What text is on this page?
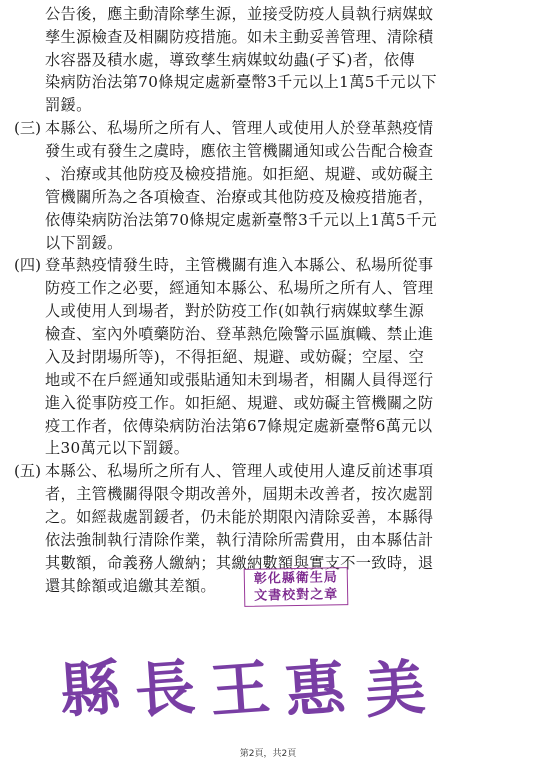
公告後，應主動清除孳生源，並接受防疫人員執行病媒蚊
孳生源檢查及相關防疫措施。如未主動妥善管理、清除積
水容器及積水處，導致孳生病媒蚊幼蟲(孑孓)者，依傳
染病防治法第70條規定處新臺幣3千元以上1萬5千元以下
罰鍰。
(三) 本縣公、私場所之所有人、管理人或使用人於登革熱疫情
發生或有發生之虞時，應依主管機關通知或公告配合檢查
、治療或其他防疫及檢疫措施。如拒絕、規避、或妨礙主
管機關所為之各項檢查、治療或其他防疫及檢疫措施者，
依傳染病防治法第70條規定處新臺幣3千元以上1萬5千元
以下罰鍰。
(四) 登革熱疫情發生時，主管機關有進入本縣公、私場所從事
防疫工作之必要，經通知本縣公、私場所之所有人、管理
人或使用人到場者，對於防疫工作(如執行病媒蚊孳生源
檢查、室內外噴藥防治、登革熱危險警示區旗幟、禁止進
入及封閉場所等)，不得拒絕、規避、或妨礙；空屋、空
地或不在戶經通知或張貼通知未到場者，相關人員得逕行
進入從事防疫工作。如拒絕、規避、或妨礙主管機關之防
疫工作者，依傳染病防治法第67條規定處新臺幣6萬元以
上30萬元以下罰鍰。
(五) 本縣公、私場所之所有人、管理人或使用人違反前述事項
者，主管機關得限令期改善外，屆期未改善者，按次處罰
之。如經裁處罰鍰者，仍未能於期限內清除妥善，本縣得
依法強制執行清除作業，執行清除所需費用，由本縣估計
其數額，命義務人繳納；其繳納數額與實支不一致時，退
還其餘額或追繳其差額。	彰化縣衛生局
文書校對之章
縣 長 王 惠 美
第2頁，共2頁
